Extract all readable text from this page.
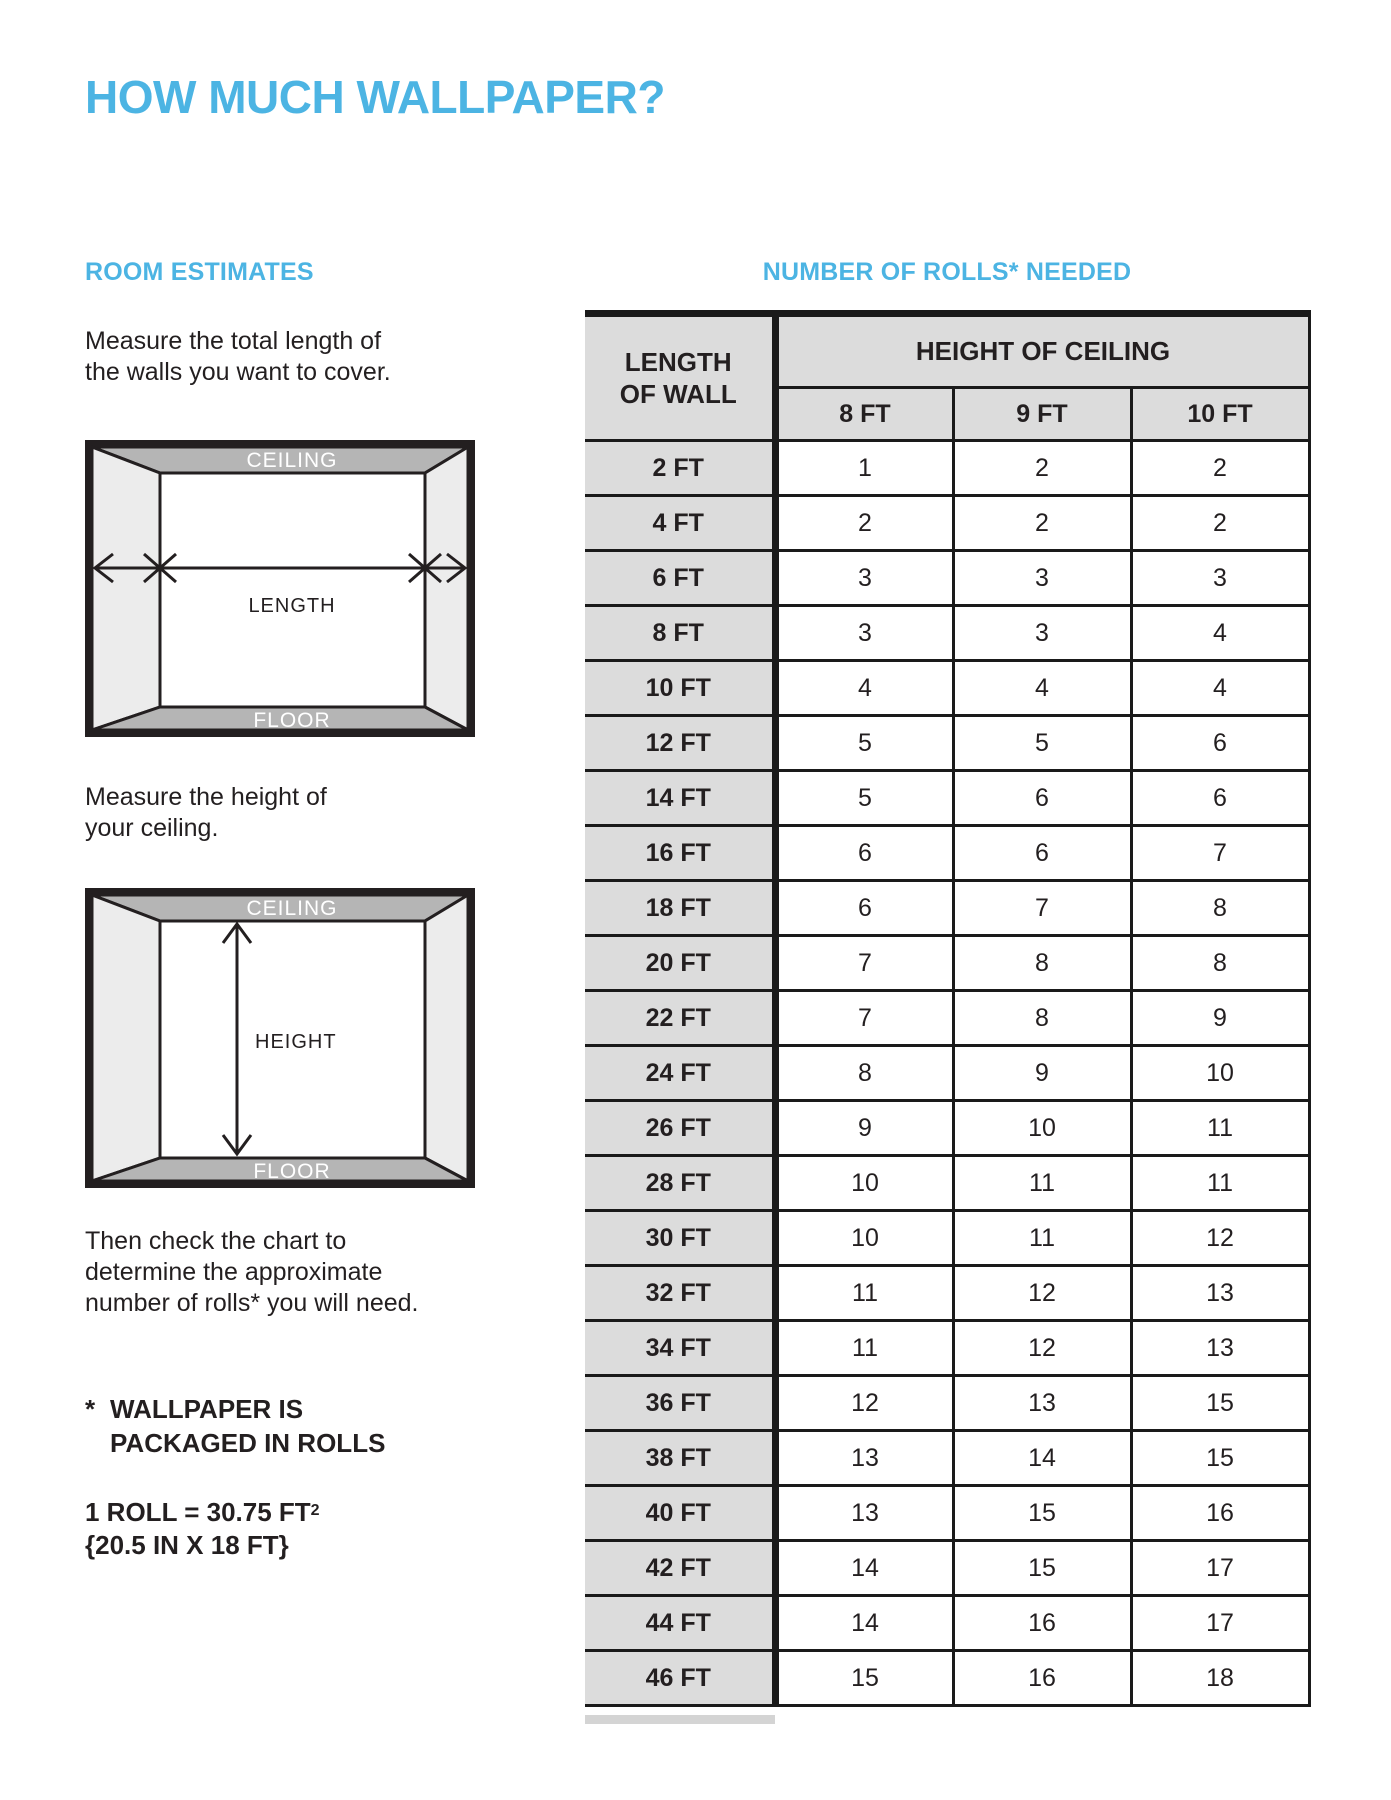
HOW MUCH WALLPAPER?
ROOM ESTIMATES
Measure the total length of
the walls you want to cover.
CEILING
FLOOR
LENGTH
Measure the height of
your ceiling.
CEILING
FLOOR
HEIGHT
Then check the chart to
determine the approximate
number of rolls* you will need.
* WALLPAPER IS
PACKAGED IN ROLLS
1 ROLL = 30.75 $FT^2$
{20.5 IN X 18 FT}
NUMBER OF ROLLS* NEEDED
LENGTH
OF WALL	HEIGHT OF CEILING		
	8 FT	9 FT	10 FT
2 FT	1	2	2
4 FT	2	2	2
6 FT	3	3	3
8 FT	3	3	4
10 FT	4	4	4
12 FT	5	5	6
14 FT	5	6	6
16 FT	6	6	7
18 FT	6	7	8
20 FT	7	8	8
22 FT	7	8	9
24 FT	8	9	10
26 FT	9	10	11
28 FT	10	11	11
30 FT	10	11	12
32 FT	11	12	13
34 FT	11	12	13
36 FT	12	13	15
38 FT	13	14	15
40 FT	13	15	16
42 FT	14	15	17
44 FT	14	16	17
46 FT	15	16	18
